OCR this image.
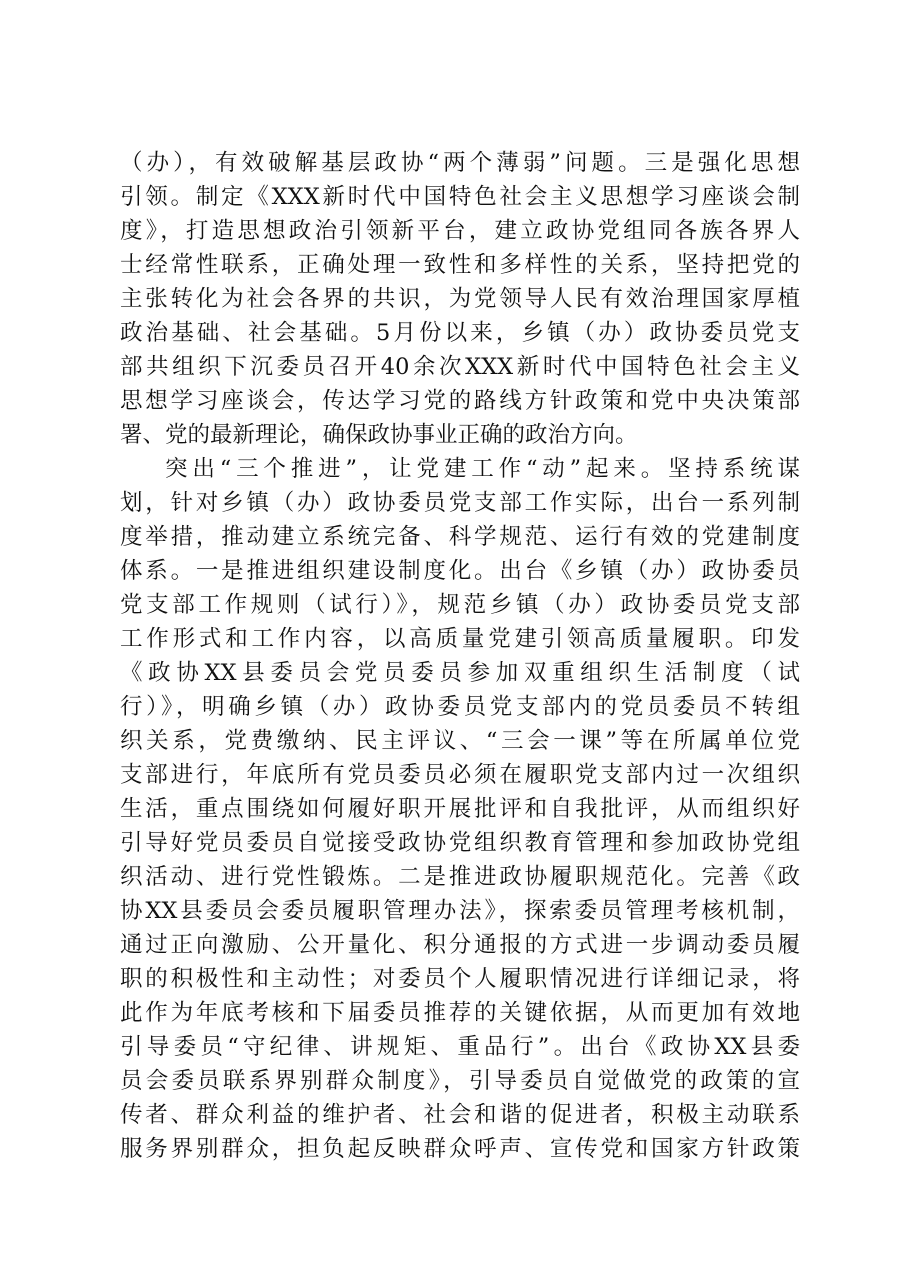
（办），有效破解基层政协“两个薄弱”问题。三是强化思想
引领。制定《XXX新时代中国特色社会主义思想学习座谈会制
度》，打造思想政治引领新平台，建立政协党组同各族各界人
士经常性联系，正确处理一致性和多样性的关系，坚持把党的
主张转化为社会各界的共识，为党领导人民有效治理国家厚植
政治基础、社会基础。5月份以来，乡镇（办）政协委员党支
部共组织下沉委员召开40余次XXX新时代中国特色社会主义
思想学习座谈会，传达学习党的路线方针政策和党中央决策部
署、党的最新理论，确保政协事业正确的政治方向。
突出“三个推进”，让党建工作“动”起来。坚持系统谋
划，针对乡镇（办）政协委员党支部工作实际，出台一系列制
度举措，推动建立系统完备、科学规范、运行有效的党建制度
体系。一是推进组织建设制度化。出台《乡镇（办）政协委员
党支部工作规则（试行）》，规范乡镇（办）政协委员党支部
工作形式和工作内容，以高质量党建引领高质量履职。印发
《政协XX县委员会党员委员参加双重组织生活制度（试
行）》，明确乡镇（办）政协委员党支部内的党员委员不转组
织关系，党费缴纳、民主评议、“三会一课”等在所属单位党
支部进行，年底所有党员委员必须在履职党支部内过一次组织
生活，重点围绕如何履好职开展批评和自我批评，从而组织好
引导好党员委员自觉接受政协党组织教育管理和参加政协党组
织活动、进行党性锻炼。二是推进政协履职规范化。完善《政
协XX县委员会委员履职管理办法》，探索委员管理考核机制，
通过正向激励、公开量化、积分通报的方式进一步调动委员履
职的积极性和主动性；对委员个人履职情况进行详细记录，将
此作为年底考核和下届委员推荐的关键依据，从而更加有效地
引导委员“守纪律、讲规矩、重品行”。出台《政协XX县委
员会委员联系界别群众制度》，引导委员自觉做党的政策的宣
传者、群众利益的维护者、社会和谐的促进者，积极主动联系
服务界别群众，担负起反映群众呼声、宣传党和国家方针政策
